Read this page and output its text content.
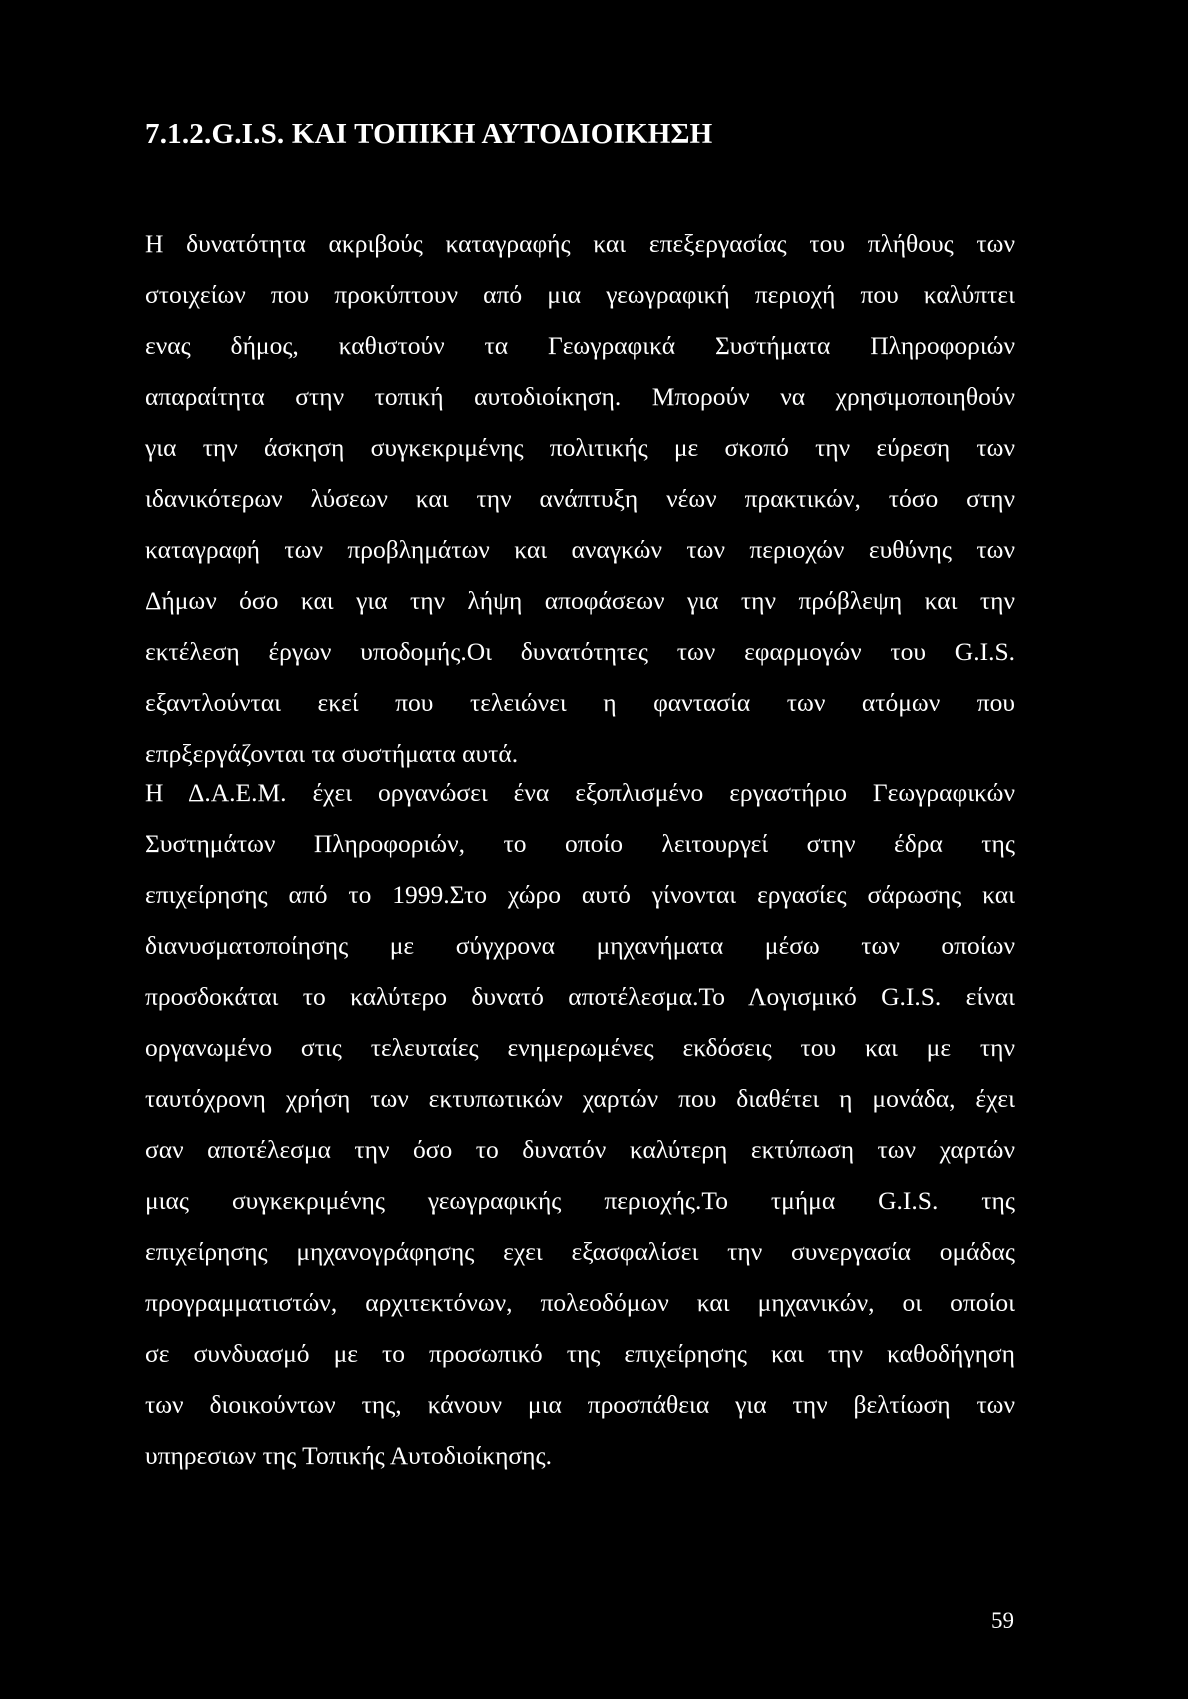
7.1.2.G.I.S. ΚΑΙ ΤΟΠΙΚΗ ΑΥΤΟΔΙΟΙΚΗΣΗ
Η δυνατότητα ακριβούς καταγραφής και επεξεργασίας του πλήθους των
στοιχείων που προκύπτουν από μια γεωγραφική περιοχή που καλύπτει
ενας δήμος, καθιστούν τα Γεωγραφικά Συστήματα Πληροφοριών
απαραίτητα στην τοπική αυτοδιοίκηση. Μπορούν να χρησιμοποιηθούν
για την άσκηση συγκεκριμένης πολιτικής με σκοπό την εύρεση των
ιδανικότερων λύσεων και την ανάπτυξη νέων πρακτικών, τόσο στην
καταγραφή των προβλημάτων και αναγκών των περιοχών ευθύνης των
Δήμων όσο και για την λήψη αποφάσεων για την πρόβλεψη και την
εκτέλεση έργων υποδομής.Οι δυνατότητες των εφαρμογών του G.I.S.
εξαντλούνται εκεί που τελειώνει η φαντασία των ατόμων που
επρξεργάζονται τα συστήματα αυτά.
Η Δ.Α.Ε.Μ. έχει οργανώσει ένα εξοπλισμένο εργαστήριο Γεωγραφικών
Συστημάτων Πληροφοριών, το οποίο λειτουργεί στην έδρα της
επιχείρησης από το 1999.Στο χώρο αυτό γίνονται εργασίες σάρωσης και
διανυσματοποίησης με σύγχρονα μηχανήματα μέσω των οποίων
προσδοκάται το καλύτερο δυνατό αποτέλεσμα.Το Λογισμικό G.I.S. είναι
οργανωμένο στις τελευταίες ενημερωμένες εκδόσεις του και με την
ταυτόχρονη χρήση των εκτυπωτικών χαρτών που διαθέτει η μονάδα, έχει
σαν αποτέλεσμα την όσο το δυνατόν καλύτερη εκτύπωση των χαρτών
μιας συγκεκριμένης γεωγραφικής περιοχής.Το τμήμα G.I.S. της
επιχείρησης μηχανογράφησης εχει εξασφαλίσει την συνεργασία ομάδας
προγραμματιστών, αρχιτεκτόνων, πολεοδόμων και μηχανικών, οι οποίοι
σε συνδυασμό με το προσωπικό της επιχείρησης και την καθοδήγηση
των διοικούντων της, κάνουν μια προσπάθεια για την βελτίωση των
υπηρεσιων της Τοπικής Αυτοδιοίκησης.
59
